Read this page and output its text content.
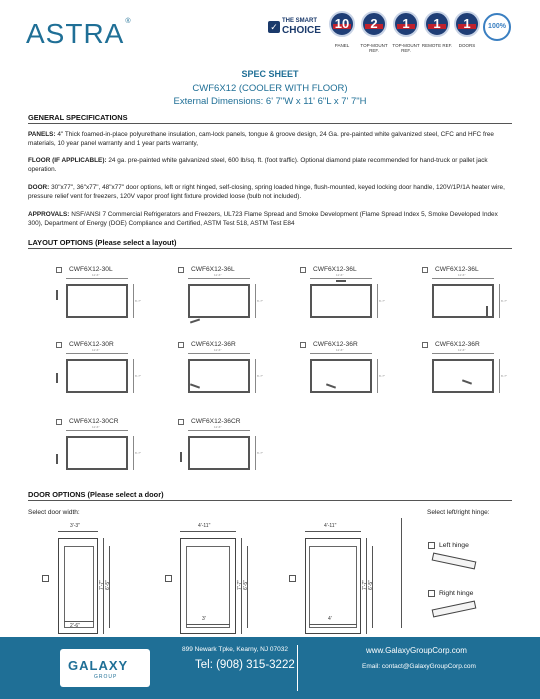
ASTRA®
✓
THE SMART
CHOICE	10
PANEL
2
TOP-MOUNT REF.
1
TOP-MOUNT REF.
1
REMOTE REF.
1
DOORS
100%
SPEC SHEET
CWF6X12 (COOLER WITH FLOOR)
External Dimensions: 6' 7"W x 11' 6"L x 7' 7"H
GENERAL SPECIFICATIONS
PANELS: 4" Thick foamed-in-place polyurethane insulation, cam-lock panels, tongue & groove design, 24 Ga. pre-painted white galvanized steel, CFC and HFC free materials, 10 year panel warranty and 1 year parts warranty,
FLOOR (IF APPLICABLE): 24 ga. pre-painted white galvanized steel, 600 lb/sq. ft. (foot traffic). Optional diamond plate recommended for hand-truck or pallet jack operation.
DOOR: 30"x77", 36"x77", 48"x77" door options, left or right hinged, self-closing, spring loaded hinge, flush-mounted, keyed locking door handle, 120V/1P/1A heater wire, pressure relief vent for freezers, 120V vapor proof light fixture provided loose (bulb not included).
APPROVALS: NSF/ANSI 7 Commercial Refrigerators and Freezers, UL723 Flame Spread and Smoke Development (Flame Spread Index 5, Smoke Developed Index 300), Department of Energy (DOE) Compliance and Certified, ASTM Test 518, ASTM Test E84
LAYOUT OPTIONS (Please select a layout)
CWF6X12-30L
11'-6"
6'-7"
CWF6X12-36L
11'-6"
6'-7"
CWF6X12-36L
11'-6"
6'-7"
CWF6X12-36L
11'-6"
6'-7"
CWF6X12-30R
11'-6"
6'-7"
CWF6X12-36R
11'-6"
6'-7"
CWF6X12-36R
11'-6"
6'-7"
CWF6X12-36R
11'-6"
6'-7"
CWF6X12-30CR
11'-6"
6'-7"
CWF6X12-36CR
11'-6"
6'-7"
DOOR OPTIONS (Please select a door)
Select door width:	Select left/right hinge:
3'-3"
2'-6"
7'-7" 6'-5"
4'-11"
3'
7'-7" 6'-5"
4'-11"
4'
7'-7" 6'-5"
Left hinge
Right hinge
GALAXY
GROUP
899 Newark Tpke, Kearny, NJ 07032
Tel: (908) 315-3222
www.GalaxyGroupCorp.com
Email: contact@GalaxyGroupCorp.com
